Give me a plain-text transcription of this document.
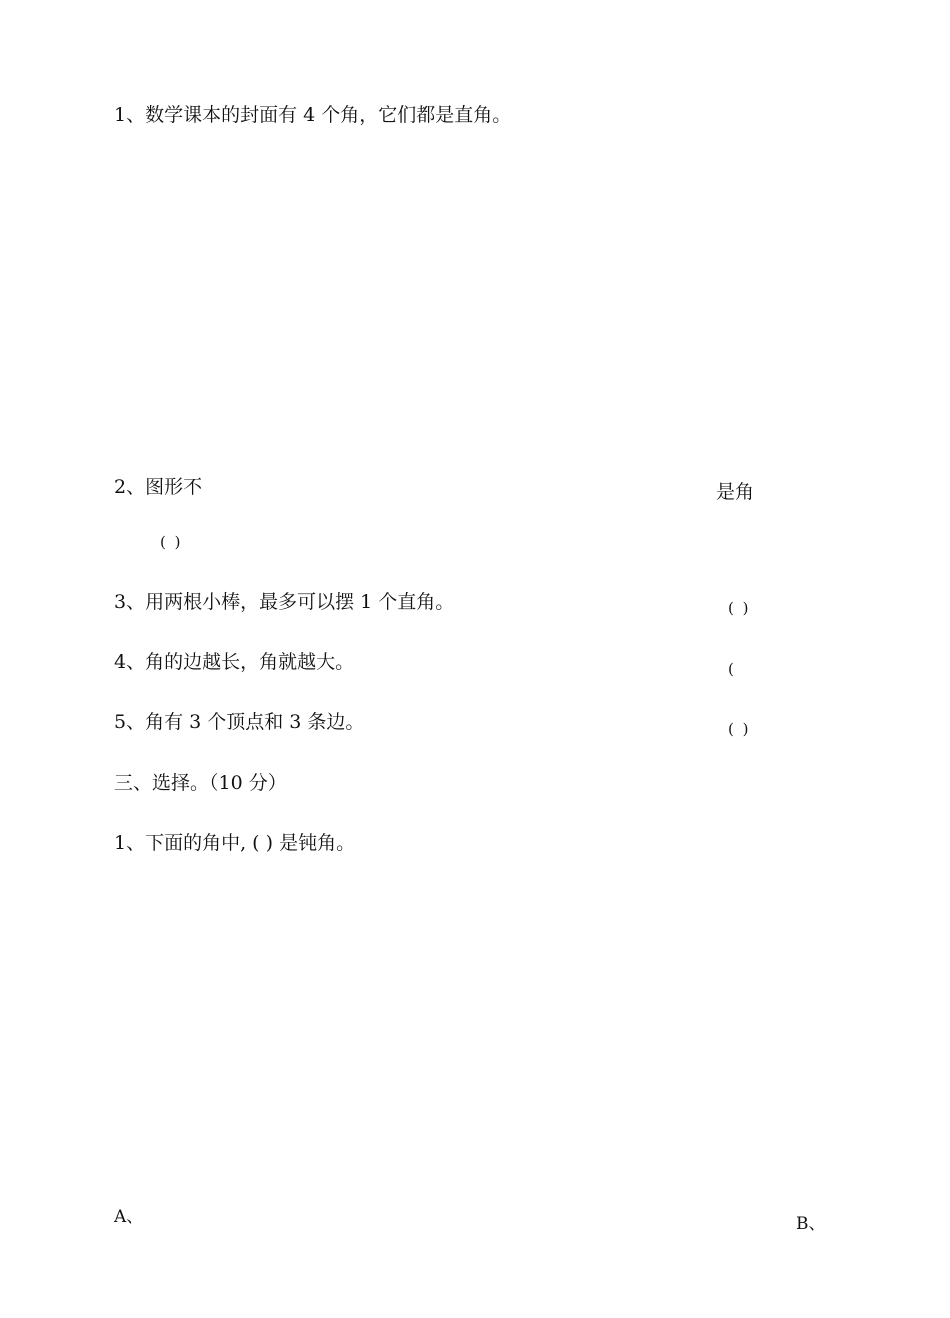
1、数学课本的封面有 4 个角，它们都是直角。
2、图形不	是角
( )
3、用两根小棒，最多可以摆 1 个直角。	( )
4、角的边越长，角就越大。	(
5、角有 3 个顶点和 3 条边。	( )
三、选择。（10 分）
1、下面的角中, ( ) 是钝角。
A、	B、
